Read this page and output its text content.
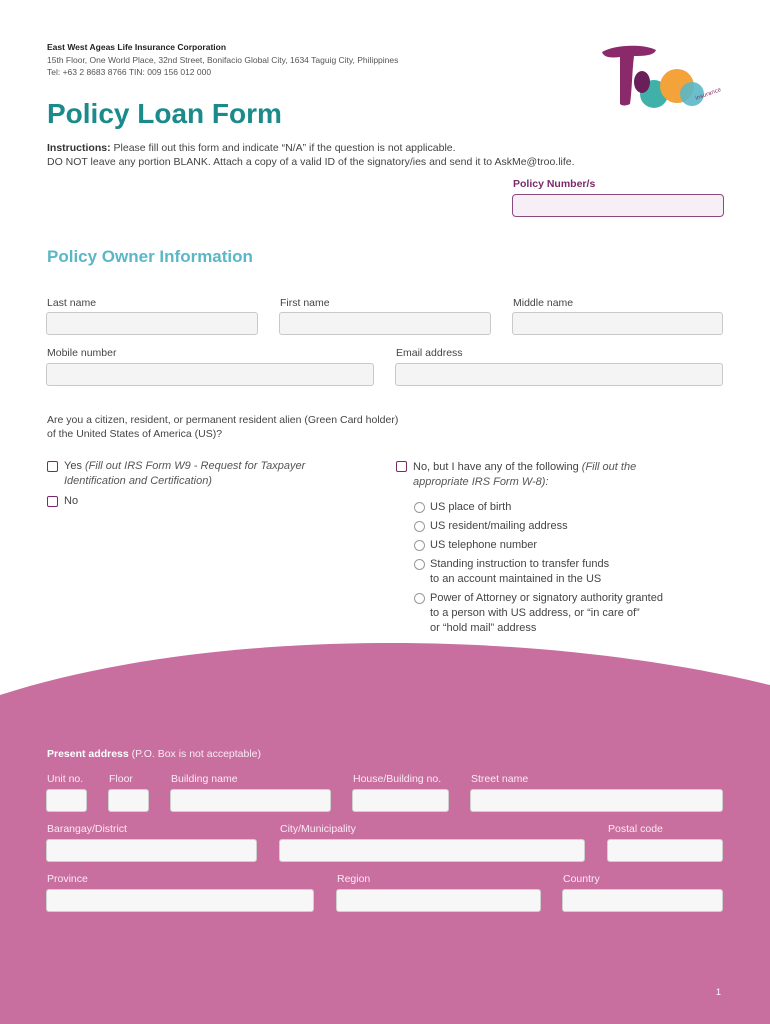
East West Ageas Life Insurance Corporation
15th Floor, One World Place, 32nd Street, Bonifacio Global City, 1634 Taguig City, Philippines
Tel: +63 2 8683 8766 TIN: 009 156 012 000
insurance
TROO
Policy Loan Form
Instructions: Please fill out this form and indicate “N/A” if the question is not applicable.
DO NOT leave any portion BLANK. Attach a copy of a valid ID of the signatory/ies and send it to AskMe@troo.life.
Policy Number/s
Policy Owner Information
Last name	First name	Middle name
Mobile number	Email address
Are you a citizen, resident, or permanent resident alien (Green Card holder)
of the United States of America (US)?
Yes (Fill out IRS Form W9 - Request for Taxpayer
Identification and Certification)
No
No, but I have any of the following (Fill out the
appropriate IRS Form W-8):
US place of birth
US resident/mailing address
US telephone number
Standing instruction to transfer funds
to an account maintained in the US
Power of Attorney or signatory authority granted
to a person with US address, or “in care of”
or “hold mail” address
Present address (P.O. Box is not acceptable)
Unit no. Floor	Building name	House/Building no.	Street name
Barangay/District	City/Municipality	Postal code
Province	Region	Country
1
